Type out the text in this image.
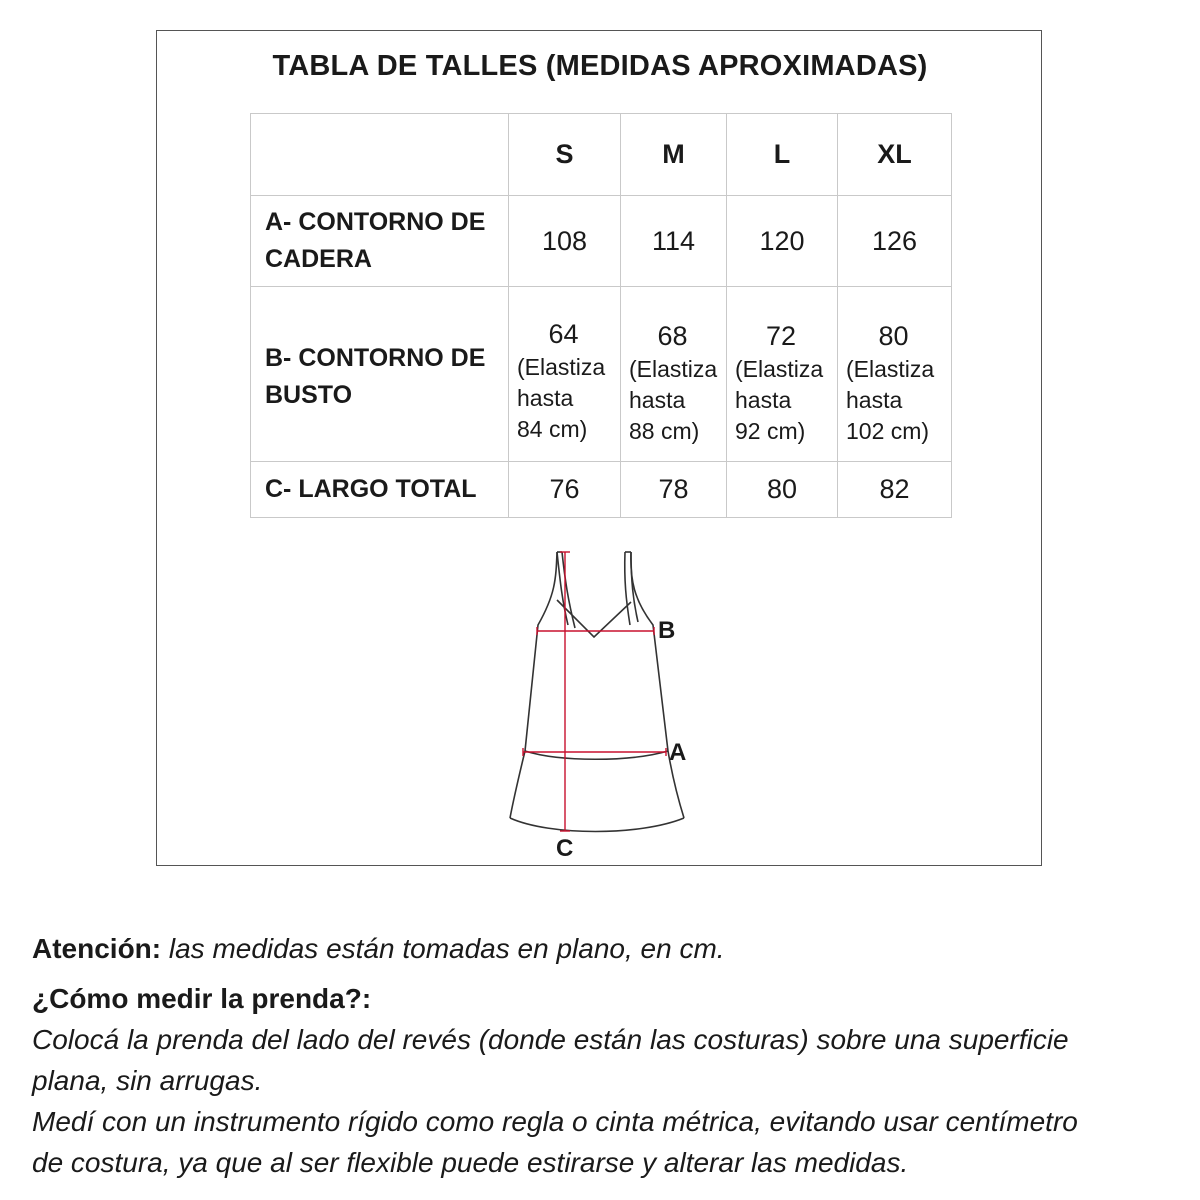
TABLA DE TALLES (MEDIDAS APROXIMADAS)
	S	M	L	XL
A- CONTORNO DE
CADERA	108	114	120	126
B- CONTORNO DE
BUSTO	64
(Elastiza
hasta
84 cm)	68
(Elastiza
hasta
88 cm)	72
(Elastiza
hasta
92 cm)	80
(Elastiza
hasta
102 cm)
C- LARGO TOTAL	76	78	80	82
B
A
C

Atención: las medidas están tomadas en plano, en cm.

¿Cómo medir la prenda?:

Colocá la prenda del lado del revés (donde están las costuras) sobre una superficie

plana, sin arrugas.

Medí con un instrumento rígido como regla o cinta métrica, evitando usar centímetro

de costura, ya que al ser flexible puede estirarse y alterar las medidas.
